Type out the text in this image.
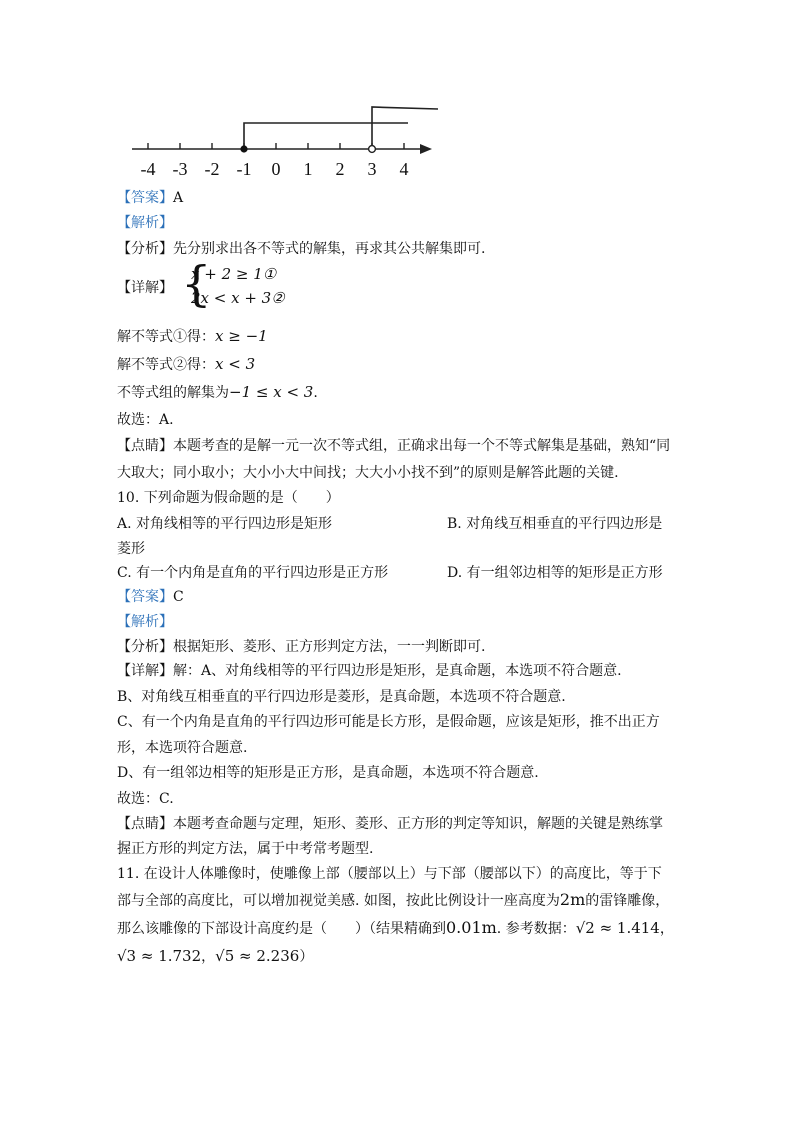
-4 -3 -2 -1 0 1 2 3 4
【答案】A
【解析】
【分析】先分别求出各不等式的解集，再求其公共解集即可.
【详解】 {
x + 2 ≥ 1①
2x < x + 3②
解不等式①得：x ≥ −1
解不等式②得：x < 3
不等式组的解集为−1 ≤ x < 3.
故选：A.
【点睛】本题考查的是解一元一次不等式组，正确求出每一个不等式解集是基础，熟知“同
大取大；同小取小；大小小大中间找；大大小小找不到”的原则是解答此题的关键.
10. 下列命题为假命题的是（　　）
A. 对角线相等的平行四边形是矩形	B. 对角线互相垂直的平行四边形是
菱形
C. 有一个内角是直角的平行四边形是正方形	D. 有一组邻边相等的矩形是正方形
【答案】C
【解析】
【分析】根据矩形、菱形、正方形判定方法，一一判断即可.
【详解】解：A、对角线相等的平行四边形是矩形，是真命题，本选项不符合题意.
B、对角线互相垂直的平行四边形是菱形，是真命题，本选项不符合题意.
C、有一个内角是直角的平行四边形可能是长方形，是假命题，应该是矩形，推不出正方
形，本选项符合题意.
D、有一组邻边相等的矩形是正方形，是真命题，本选项不符合题意.
故选：C.
【点睛】本题考查命题与定理，矩形、菱形、正方形的判定等知识，解题的关键是熟练掌
握正方形的判定方法，属于中考常考题型.
11. 在设计人体雕像时，使雕像上部（腰部以上）与下部（腰部以下）的高度比，等于下
部与全部的高度比，可以增加视觉美感. 如图，按此比例设计一座高度为2m的雷锋雕像，
那么该雕像的下部设计高度约是（　　）（结果精确到0.01m. 参考数据：√2 ≈ 1.414，
√3 ≈ 1.732，√5 ≈ 2.236）
